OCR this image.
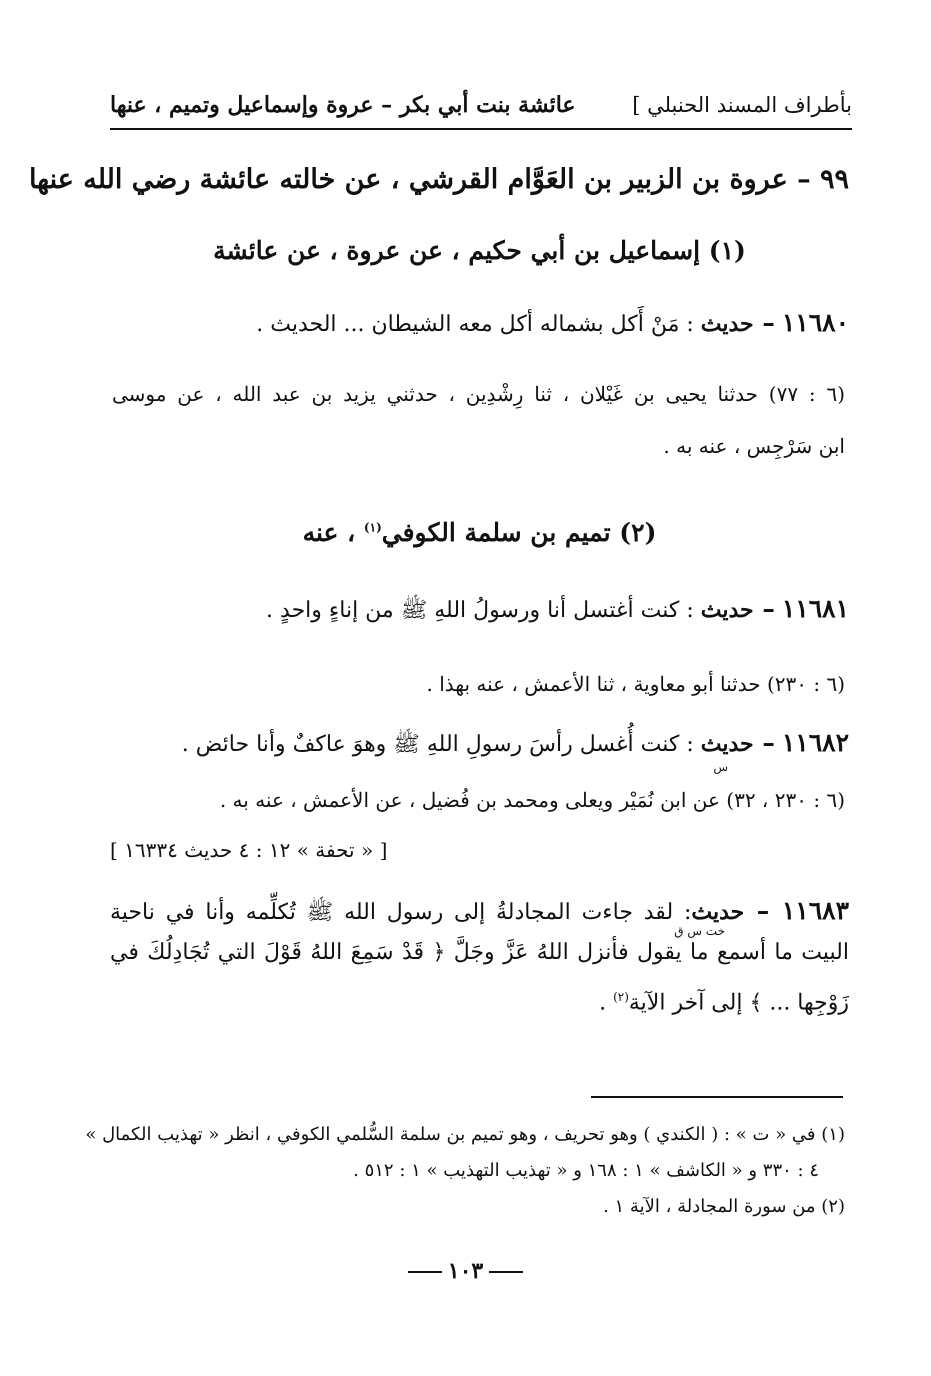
بأطراف المسند الحنبلي ]
عائشة بنت أبي بكر – عروة وإسماعيل وتميم ، عنها
٩٩ – عروة بن الزبير بن العَوَّام القرشي ، عن خالته عائشة رضي الله عنها
(١) إسماعيل بن أبي حكيم ، عن عروة ، عن عائشة
١١٦٨٠ – حديث : مَنْ أَكل بشماله أكل معه الشيطان ... الحديث .
(٦ : ٧٧) حدثنا يحيى بن غَيْلان ، ثنا رِشْدِين ، حدثني يزيد بن عبد الله ، عن موسى
ابن سَرْجِس ، عنه به .
(٢) تميم بن سلمة الكوفي$^{(١)}$ ، عنه
١١٦٨١ – حديث : كنت أغتسل أنا ورسولُ اللهِ ﷺ من إناءٍ واحدٍ .
(٦ : ٢٣٠) حدثنا أبو معاوية ، ثنا الأعمش ، عنه بهذا .
١١٦٨٢ – حديث : كنت أُغسل رأسَ رسولِ اللهِ ﷺ وهوَ عاكفٌ وأنا حائض .
س
(٦ : ٢٣٠ ، ٣٢) عن ابن نُمَيْر ويعلى ومحمد بن فُضيل ، عن الأعمش ، عنه به .
[ « تحفة » ١٢ : ٤ حديث ١٦٣٣٤ ]
١١٦٨٣ – حديث: لقد جاءت المجادلةُ إلى رسول الله ﷺ تُكلِّمه وأنا في ناحية
خت س ق
البيت ما أسمع ما يقول فأنزل اللهُ عَزَّ وجَلَّ ﴿ قَدْ سَمِعَ اللهُ قَوْلَ التي تُجَادِلُكَ في
زَوْجِها ... ﴾ إلى آخر الآية$^{(٢)}$ .
(١) في « ت » : ( الكندي ) وهو تحريف ، وهو تميم بن سلمة السُّلمي الكوفي ، انظر « تهذيب الكمال »
٤ : ٣٣٠ و « الكاشف » ١ : ١٦٨ و « تهذيب التهذيب » ١ : ٥١٢ .
(٢) من سورة المجادلة ، الآية ١ .
١٠٣
